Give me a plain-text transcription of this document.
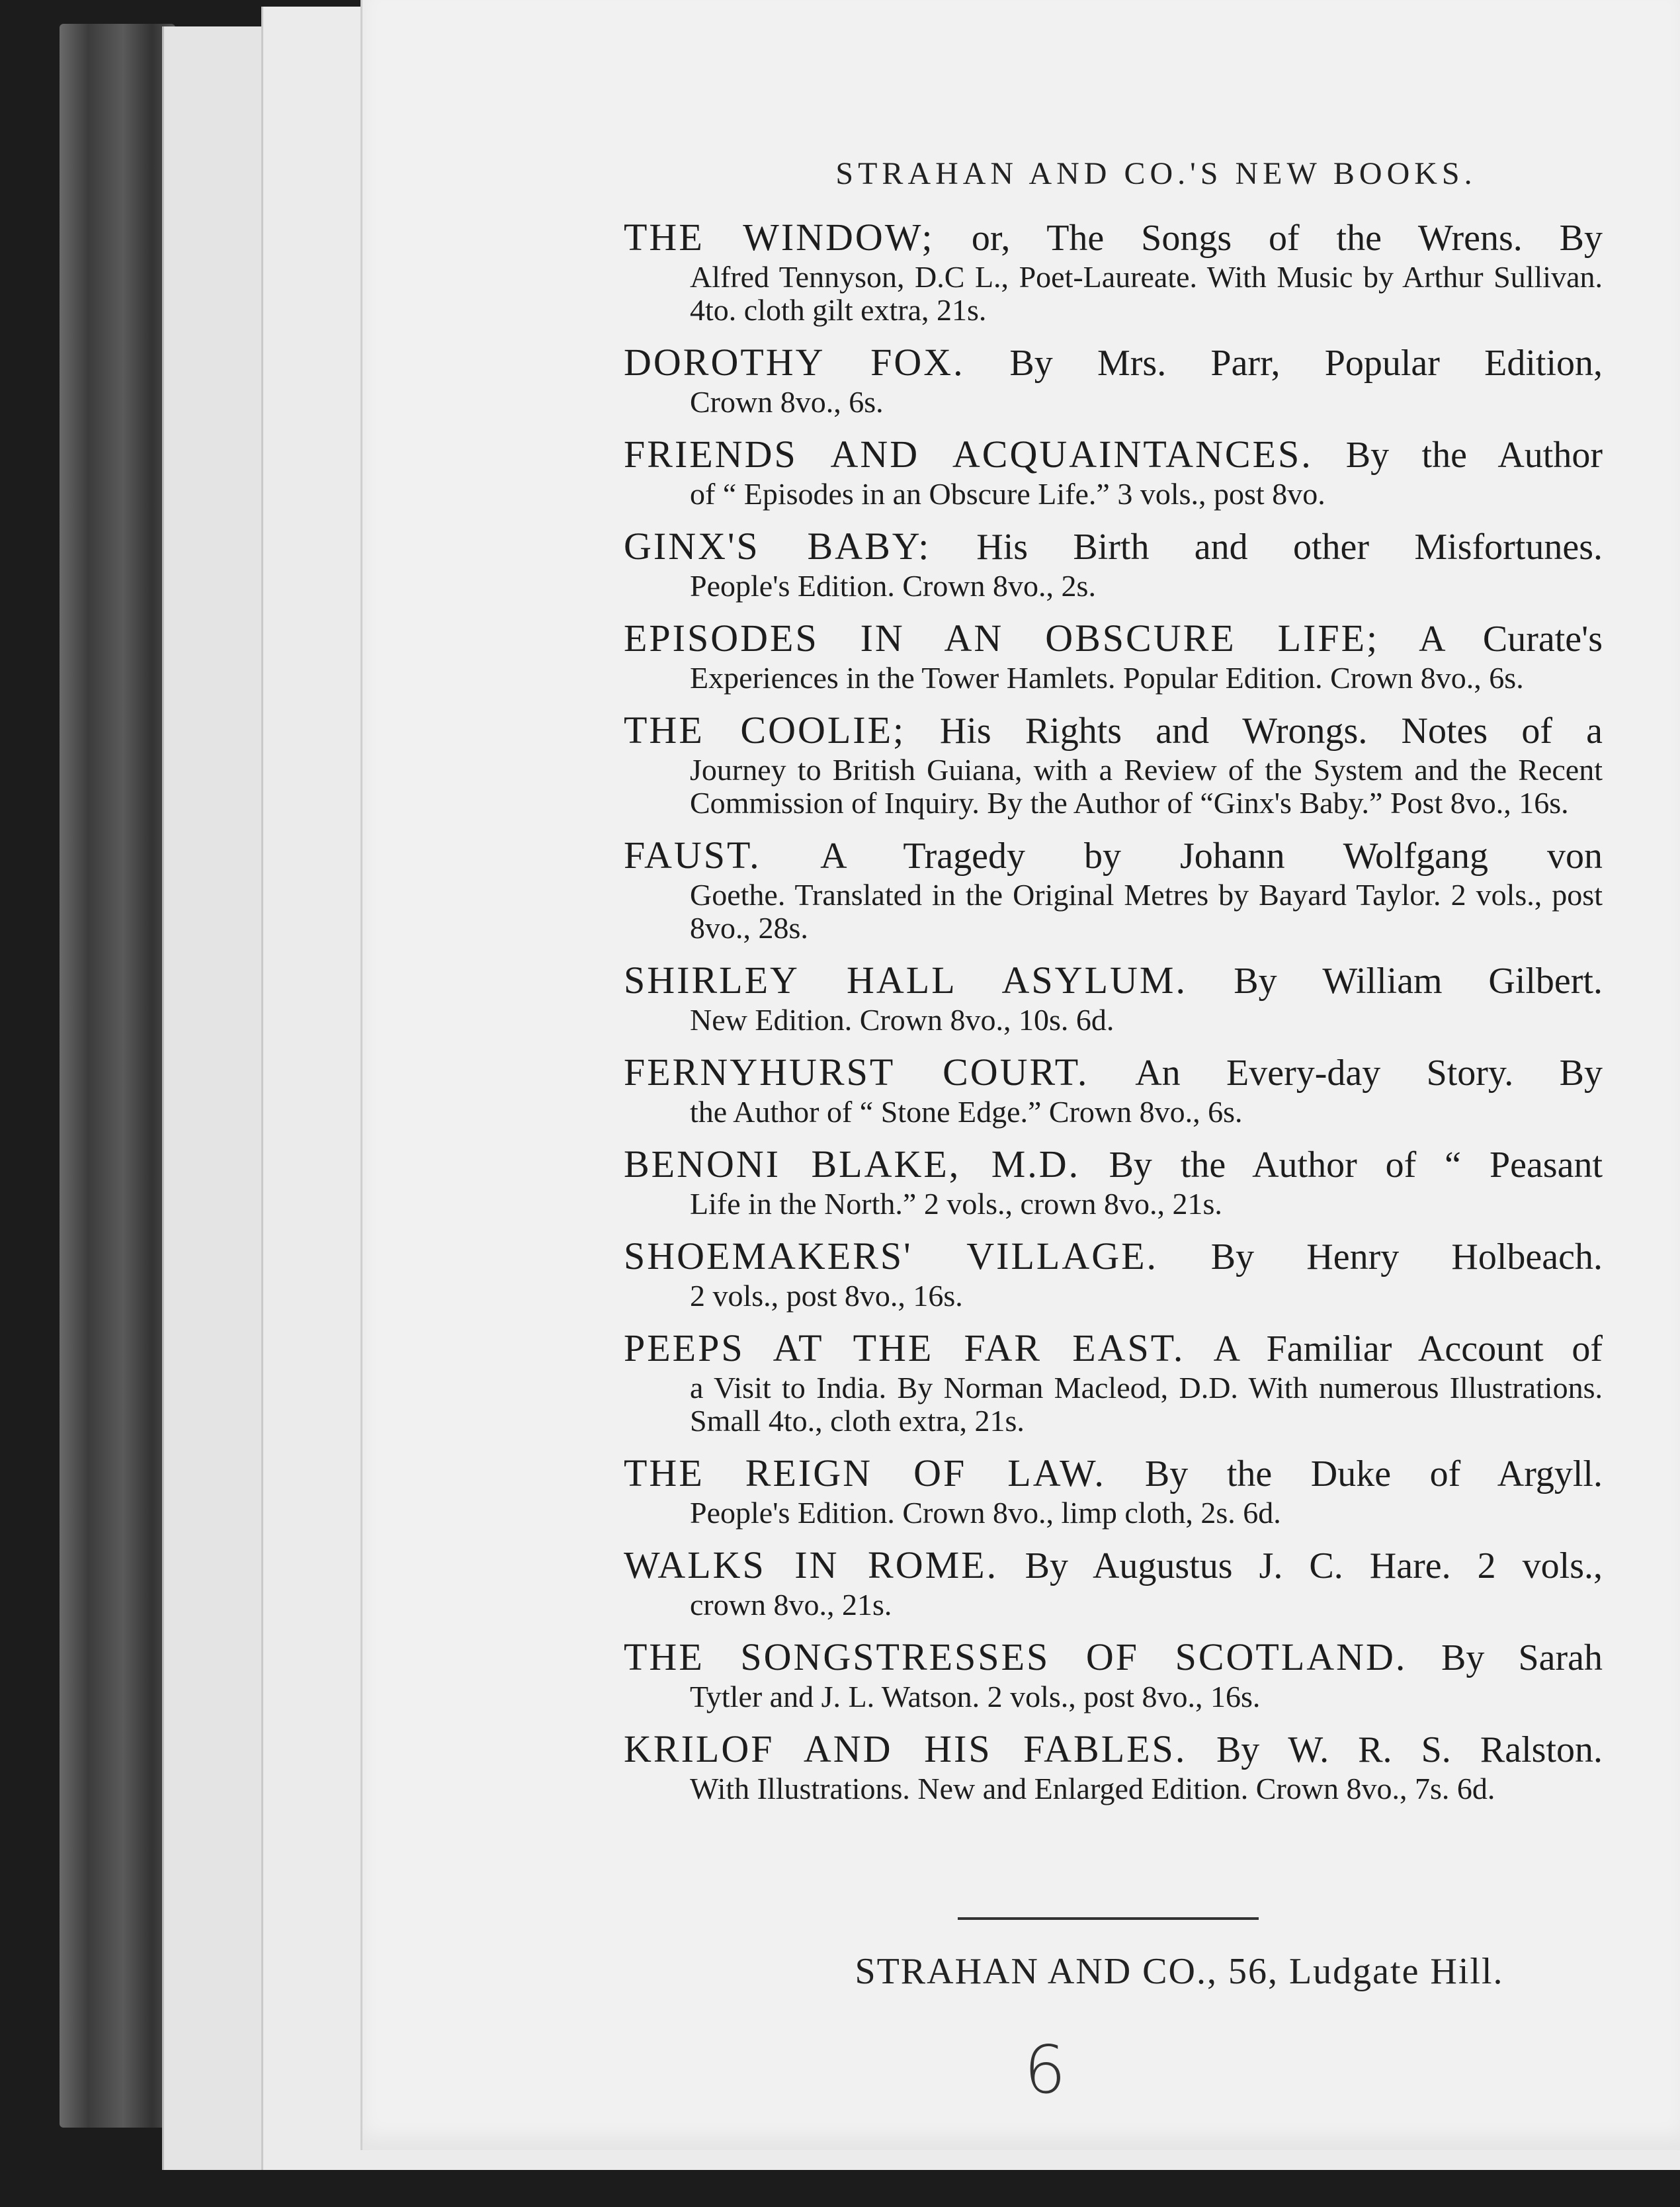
STRAHAN AND CO.'S NEW BOOKS.
THE WINDOW; or, The Songs of the Wrens. By
Alfred Tennyson, D.C L., Poet-Laureate. With Music by Arthur Sullivan. 4to. cloth gilt extra, 21s.
DOROTHY FOX. By Mrs. Parr, Popular Edition,
Crown 8vo., 6s.
FRIENDS AND ACQUAINTANCES. By the Author
of “ Episodes in an Obscure Life.” 3 vols., post 8vo.
GINX'S BABY: His Birth and other Misfortunes.
People's Edition. Crown 8vo., 2s.
EPISODES IN AN OBSCURE LIFE; A Curate's
Experiences in the Tower Hamlets. Popular Edition. Crown 8vo., 6s.
THE COOLIE; His Rights and Wrongs. Notes of a
Journey to British Guiana, with a Review of the System and the Recent Commission of Inquiry. By the Author of “Ginx's Baby.” Post 8vo., 16s.
FAUST. A Tragedy by Johann Wolfgang von
Goethe. Translated in the Original Metres by Bayard Taylor. 2 vols., post 8vo., 28s.
SHIRLEY HALL ASYLUM. By William Gilbert.
New Edition. Crown 8vo., 10s. 6d.
FERNYHURST COURT. An Every-day Story. By
the Author of “ Stone Edge.” Crown 8vo., 6s.
BENONI BLAKE, M.D. By the Author of “ Peasant
Life in the North.” 2 vols., crown 8vo., 21s.
SHOEMAKERS' VILLAGE. By Henry Holbeach.
2 vols., post 8vo., 16s.
PEEPS AT THE FAR EAST. A Familiar Account of
a Visit to India. By Norman Macleod, D.D. With numerous Illustrations. Small 4to., cloth extra, 21s.
THE REIGN OF LAW. By the Duke of Argyll.
People's Edition. Crown 8vo., limp cloth, 2s. 6d.
WALKS IN ROME. By Augustus J. C. Hare. 2 vols.,
crown 8vo., 21s.
THE SONGSTRESSES OF SCOTLAND. By Sarah
Tytler and J. L. Watson. 2 vols., post 8vo., 16s.
KRILOF AND HIS FABLES. By W. R. S. Ralston.
With Illustrations. New and Enlarged Edition. Crown 8vo., 7s. 6d.
STRAHAN AND CO., 56, Ludgate Hill.
6
